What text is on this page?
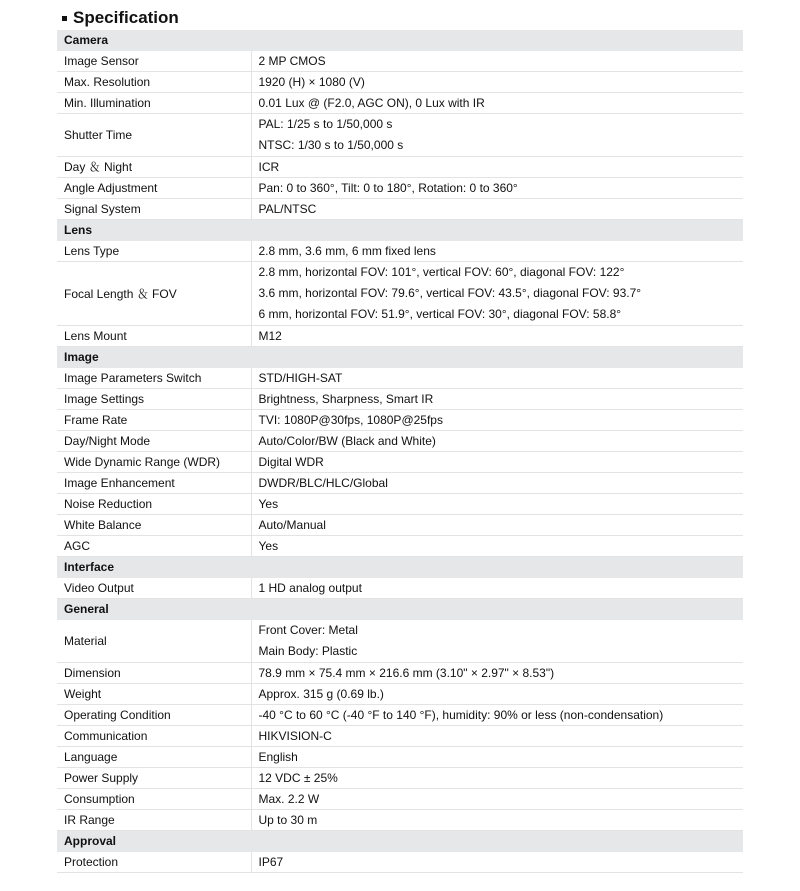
Specification
Camera	
Image Sensor	2 MP CMOS
Max. Resolution	1920 (H) × 1080 (V)
Min. Illumination	0.01 Lux @ (F2.0, AGC ON), 0 Lux with IR
Shutter Time	PAL: 1/25 s to 1/50,000 s
NTSC: 1/30 s to 1/50,000 s

Day ＆ Night	ICR
Angle Adjustment	Pan: 0 to 360°, Tilt: 0 to 180°, Rotation: 0 to 360°
Signal System	PAL/NTSC
Lens	
Lens Type	2.8 mm, 3.6 mm, 6 mm fixed lens
Focal Length ＆ FOV	2.8 mm, horizontal FOV: 101°, vertical FOV: 60°, diagonal FOV: 122°
3.6 mm, horizontal FOV: 79.6°, vertical FOV: 43.5°, diagonal FOV: 93.7°
6 mm, horizontal FOV: 51.9°, vertical FOV: 30°, diagonal FOV: 58.8°

Lens Mount	M12
Image	
Image Parameters Switch	STD/HIGH-SAT
Image Settings	Brightness, Sharpness, Smart IR
Frame Rate	TVI: 1080P@30fps, 1080P@25fps
Day/Night Mode	Auto/Color/BW (Black and White)
Wide Dynamic Range (WDR)	Digital WDR
Image Enhancement	DWDR/BLC/HLC/Global
Noise Reduction	Yes
White Balance	Auto/Manual
AGC	Yes
Interface	
Video Output	1 HD analog output
General	
Material	Front Cover: Metal
Main Body: Plastic

Dimension	78.9 mm × 75.4 mm × 216.6 mm (3.10" × 2.97" × 8.53")
Weight	Approx. 315 g (0.69 lb.)
Operating Condition	-40 °C to 60 °C (-40 °F to 140 °F), humidity: 90% or less (non-condensation)
Communication	HIKVISION-C
Language	English
Power Supply	12 VDC ± 25%
Consumption	Max. 2.2 W
IR Range	Up to 30 m
Approval	
Protection	IP67
